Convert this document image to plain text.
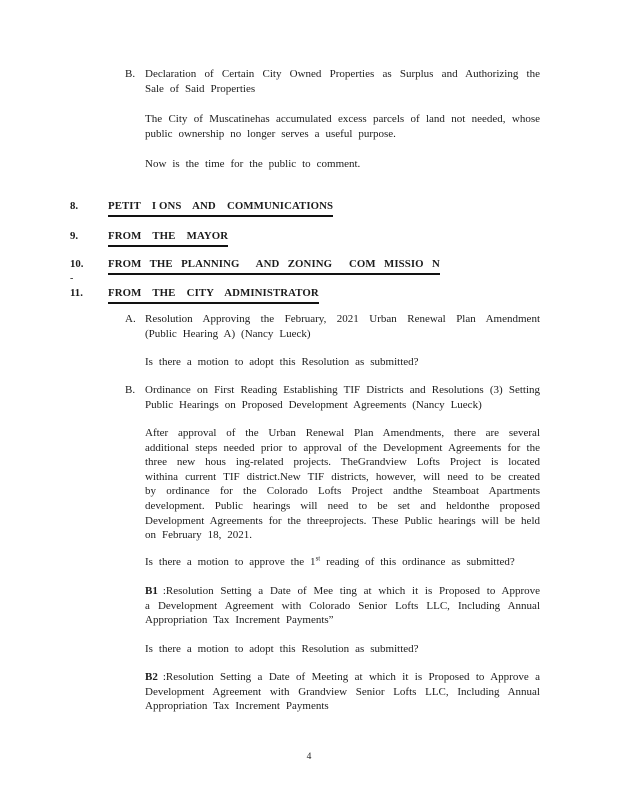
B. Declaration of Certain City Owned Properties as Surplus and Authorizing the Sale of Said Properties
The City of Muscatinehas accumulated excess parcels of land not needed, whose public ownership no longer serves a useful purpose.
Now is the time for the public to comment.
8.	PETIT    I ONS    AND    COMMUNICATIONS
9.	FROM    THE    MAYOR
10.	FROM   THE   PLANNING      AND   ZONING      COM   MISSIO   N
-
11.	FROM    THE    CITY    ADMINISTRATOR
A. Resolution Approving the February, 2021 Urban Renewal Plan Amendment (Public Hearing A) (Nancy Lueck)
Is there a motion to adopt this Resolution as submitted?
B. Ordinance on First Reading Establishing TIF Districts and Resolutions (3) Setting Public Hearings on Proposed Development Agreements (Nancy Lueck)
After approval of the Urban Renewal Plan Amendments, there are several additional steps needed prior to approval of the Development Agreements for the three new hous ing-related projects. TheGrandview Lofts Project is located withina current TIF district.New TIF districts, however, will need to be created by ordinance for the Colorado Lofts Project andthe Steamboat Apartments development. Public hearings will need to be set and heldonthe proposed Development Agreements for the threeprojects. These Public hearings will be held on February 18, 2021.
Is there a motion to approve the 1st reading of this ordinance as submitted?
B1 :Resolution Setting a Date of Mee ting at which it is Proposed to Approve a Development Agreement with Colorado Senior Lofts LLC, Including Annual Appropriation Tax Increment Payments”
Is there a motion to adopt this Resolution as submitted?
B2 :Resolution Setting a Date of Meeting at which it is Proposed to Approve a Development Agreement with Grandview Senior Lofts LLC, Including Annual Appropriation Tax Increment Payments
4
